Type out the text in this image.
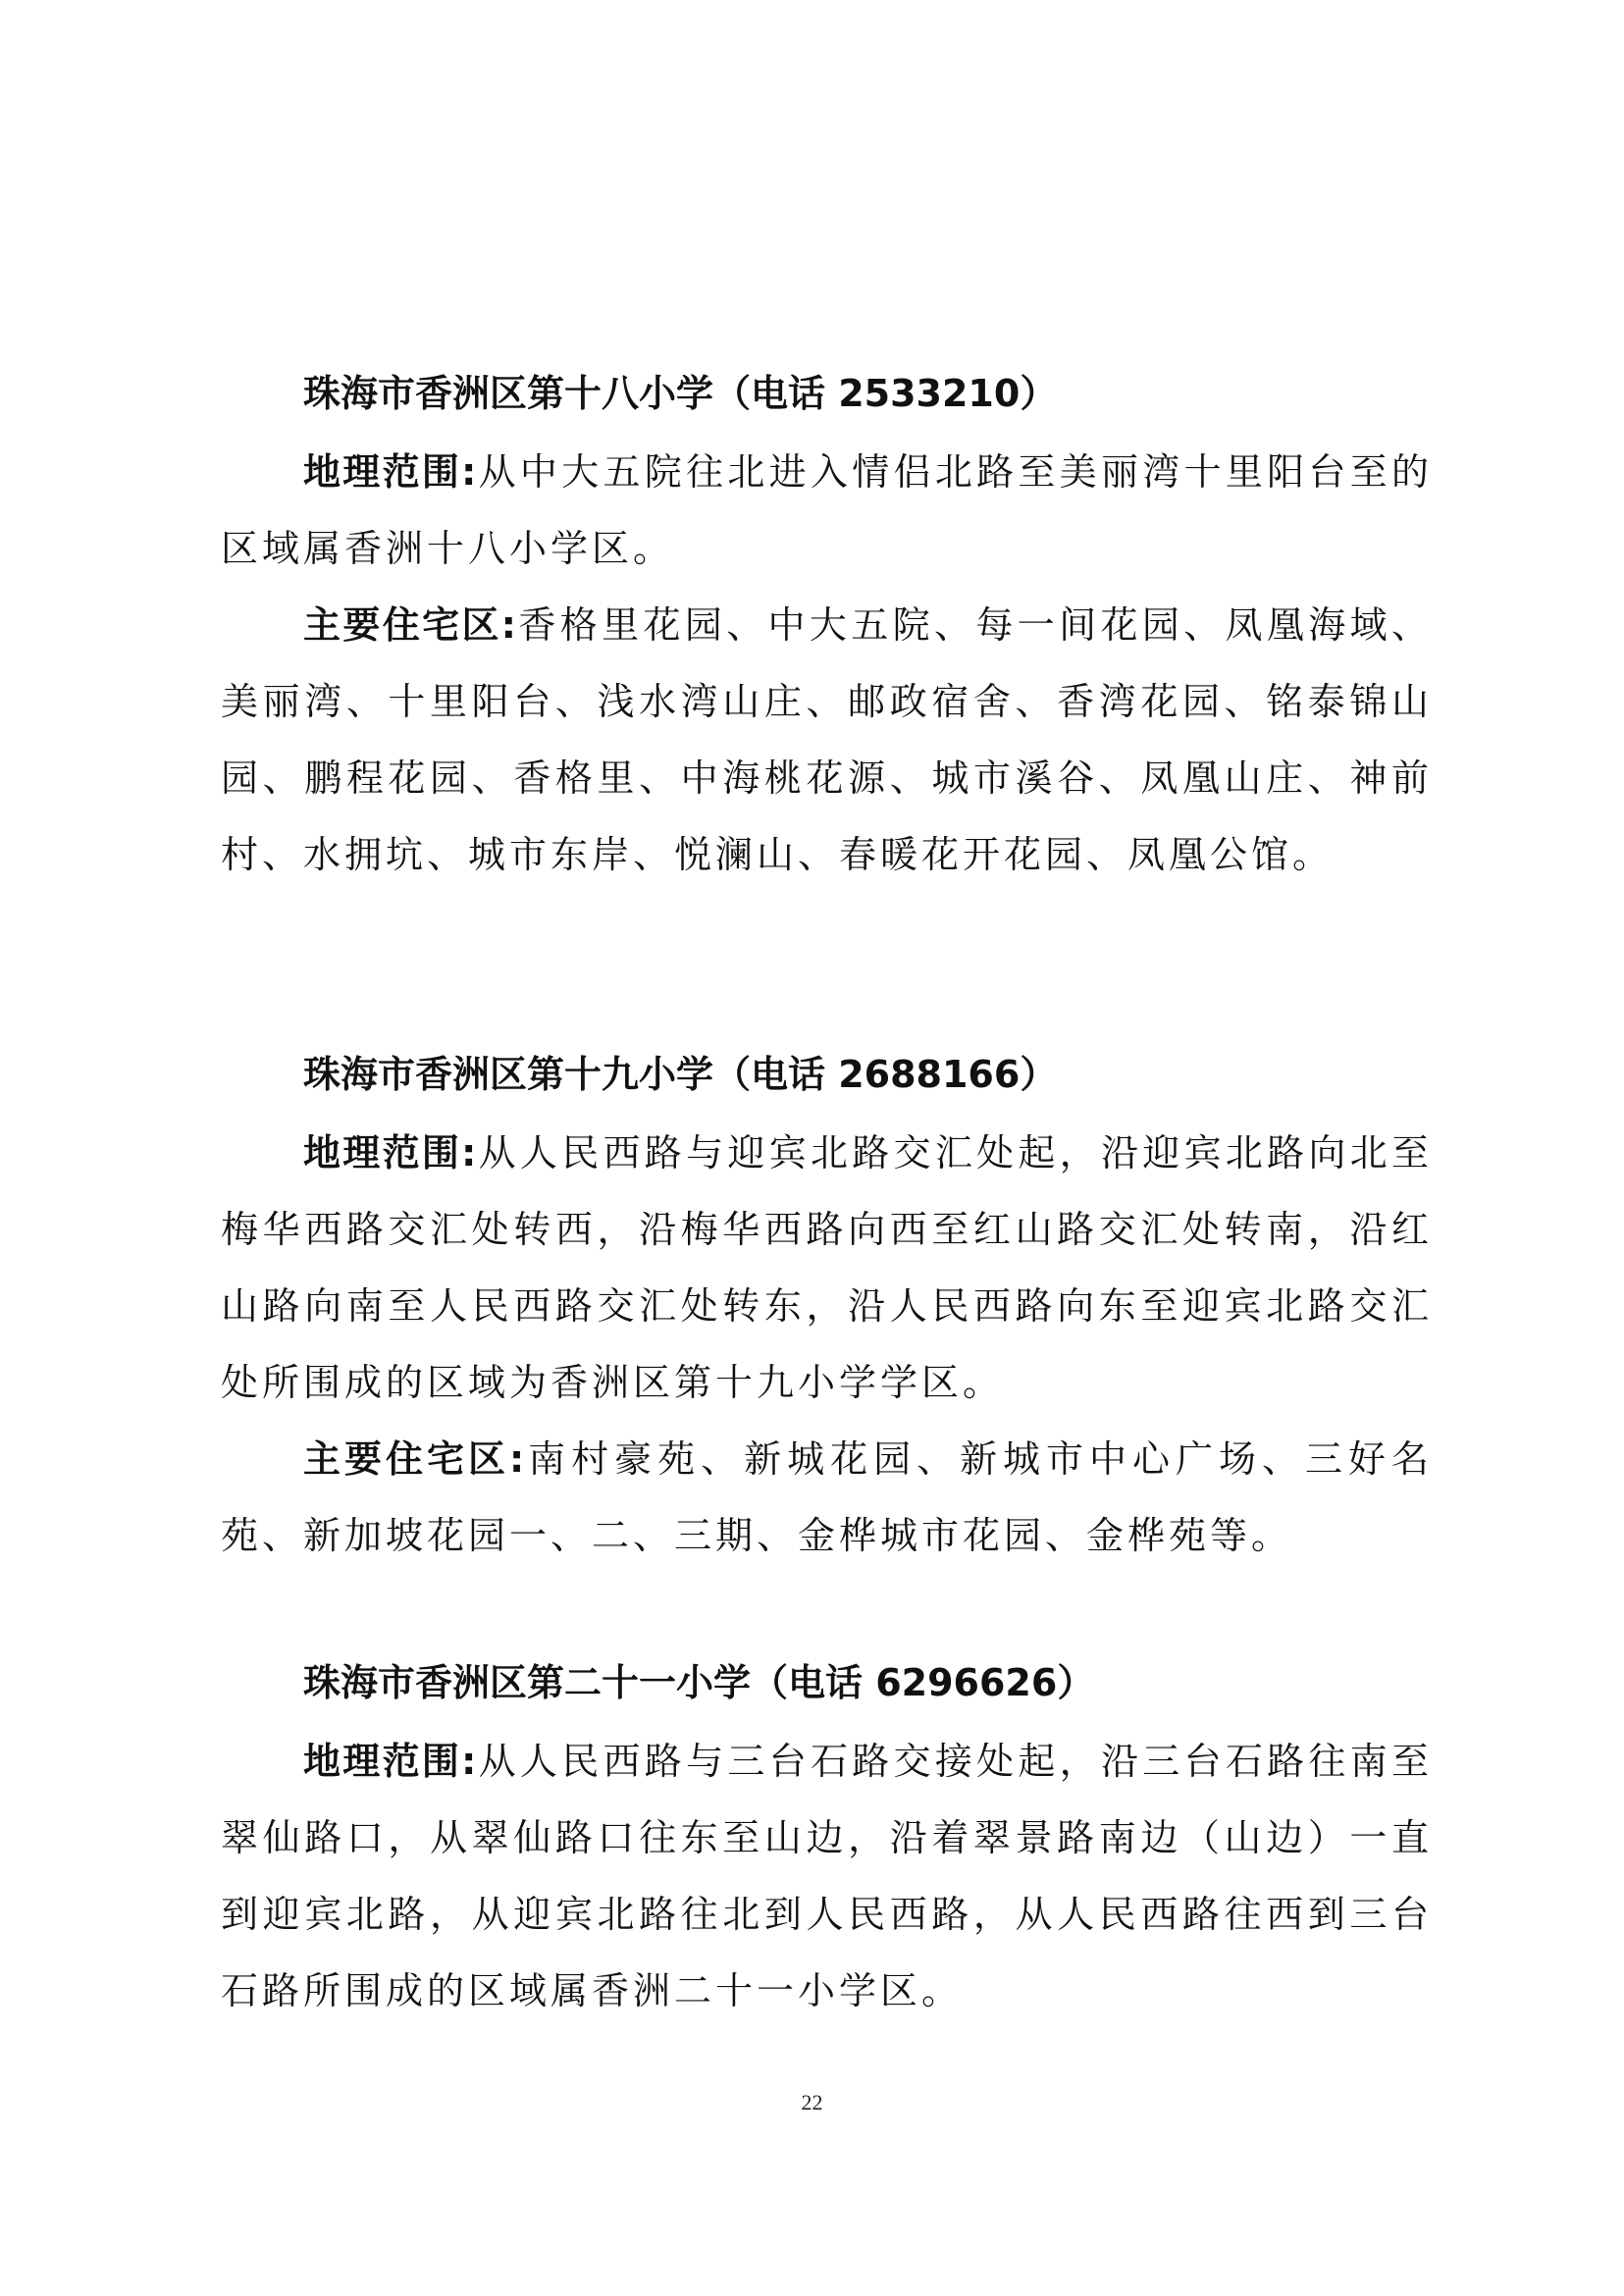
珠海市香洲区第十八小学（电话 2533210）

地理范围:从中大五院往北进入情侣北路至美丽湾十里阳台至的区域属香洲十八小学区。

主要住宅区:香格里花园、中大五院、每一间花园、凤凰海域、美丽湾、十里阳台、浅水湾山庄、邮政宿舍、香湾花园、铭泰锦山园、鹏程花园、香格里、中海桃花源、城市溪谷、凤凰山庄、神前村、水拥坑、城市东岸、悦澜山、春暖花开花园、凤凰公馆。

珠海市香洲区第十九小学（电话 2688166）

地理范围:从人民西路与迎宾北路交汇处起，沿迎宾北路向北至梅华西路交汇处转西，沿梅华西路向西至红山路交汇处转南，沿红山路向南至人民西路交汇处转东，沿人民西路向东至迎宾北路交汇处所围成的区域为香洲区第十九小学学区。

主要住宅区:南村豪苑、新城花园、新城市中心广场、三好名苑、新加坡花园一、二、三期、金桦城市花园、金桦苑等。

珠海市香洲区第二十一小学（电话 6296626）

地理范围:从人民西路与三台石路交接处起，沿三台石路往南至翠仙路口，从翠仙路口往东至山边，沿着翠景路南边（山边）一直到迎宾北路，从迎宾北路往北到人民西路，从人民西路往西到三台石路所围成的区域属香洲二十一小学区。

22
